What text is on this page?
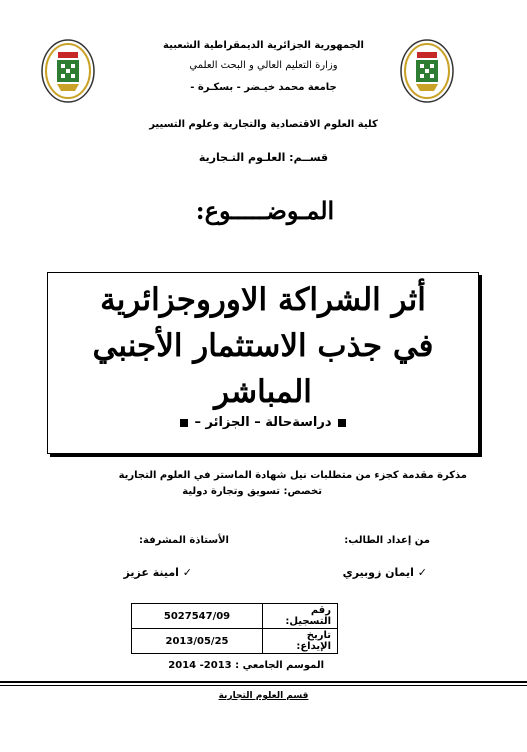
الجمهورية الجزائرية الديمقراطية الشعبية
وزارة التعليم العالي و البحث العلمي
جامعة محمد خيـضر - بسكـرة -
كلية العلوم الاقتصادية والتجارية وعلوم التسيير
قســم: العلـوم التـجارية
المـوضـــــوع:
أثر الشراكة الاوروجزائرية
في جذب الاستثمار الأجنبي
المباشر
دراسةحالة – الجزائر –
مذكرة مقدمة كجزء من متطلبات نيل شهادة الماستر في العلوم التجارية
تخصص: تسويق وتجارة دولية
من إعداد الطالب:
الأستاذة المشرفة:
✓ ايمان زوبيري
✓ امينة عزيز
5027547/09	رقم التسجيل:
2013/05/25	تاريخ الإيداع:
الموسم الجامعي : 2013- 2014
قسم العلوم التجارية
